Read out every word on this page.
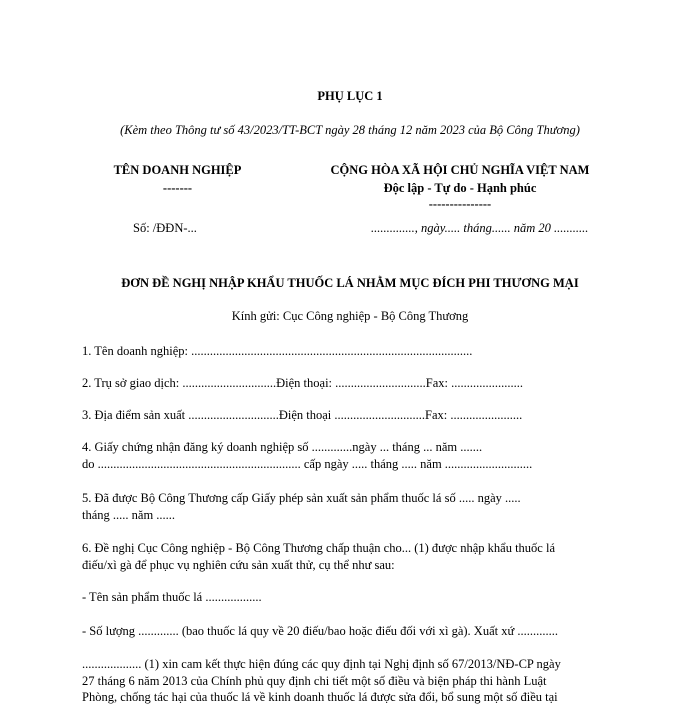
PHỤ LỤC 1
(Kèm theo Thông tư số 43/2023/TT-BCT ngày 28 tháng 12 năm 2023 của Bộ Công Thương)
TÊN DOANH NGHIỆP
-------
CỘNG HÒA XÃ HỘI CHỦ NGHĨA VIỆT NAM
Độc lập - Tự do - Hạnh phúc
---------------
Số: /ĐĐN-...	.............., ngày..... tháng...... năm 20 ...........
ĐƠN ĐỀ NGHỊ NHẬP KHẨU THUỐC LÁ NHẰM MỤC ĐÍCH PHI THƯƠNG MẠI
Kính gửi: Cục Công nghiệp - Bộ Công Thương
1. Tên doanh nghiệp: ..........................................................................................
2. Trụ sở giao dịch: ..............................Điện thoại: .............................Fax: .......................
3. Địa điểm sản xuất .............................Điện thoại .............................Fax: .......................
4. Giấy chứng nhận đăng ký doanh nghiệp số .............ngày ... tháng ... năm .......
do ................................................................. cấp ngày ..... tháng ..... năm ............................
5. Đã được Bộ Công Thương cấp Giấy phép sản xuất sản phẩm thuốc lá số ..... ngày .....
tháng ..... năm ......
6. Đề nghị Cục Công nghiệp - Bộ Công Thương chấp thuận cho... (1) được nhập khẩu thuốc lá
điếu/xì gà để phục vụ nghiên cứu sản xuất thử, cụ thể như sau:
- Tên sản phẩm thuốc lá ..................
- Số lượng ............. (bao thuốc lá quy về 20 điếu/bao hoặc điếu đối với xì gà). Xuất xứ .............
................... (1) xin cam kết thực hiện đúng các quy định tại Nghị định số 67/2013/NĐ-CP ngày
27 tháng 6 năm 2013 của Chính phủ quy định chi tiết một số điều và biện pháp thi hành Luật
Phòng, chống tác hại của thuốc lá về kinh doanh thuốc lá được sửa đổi, bổ sung một số điều tại
